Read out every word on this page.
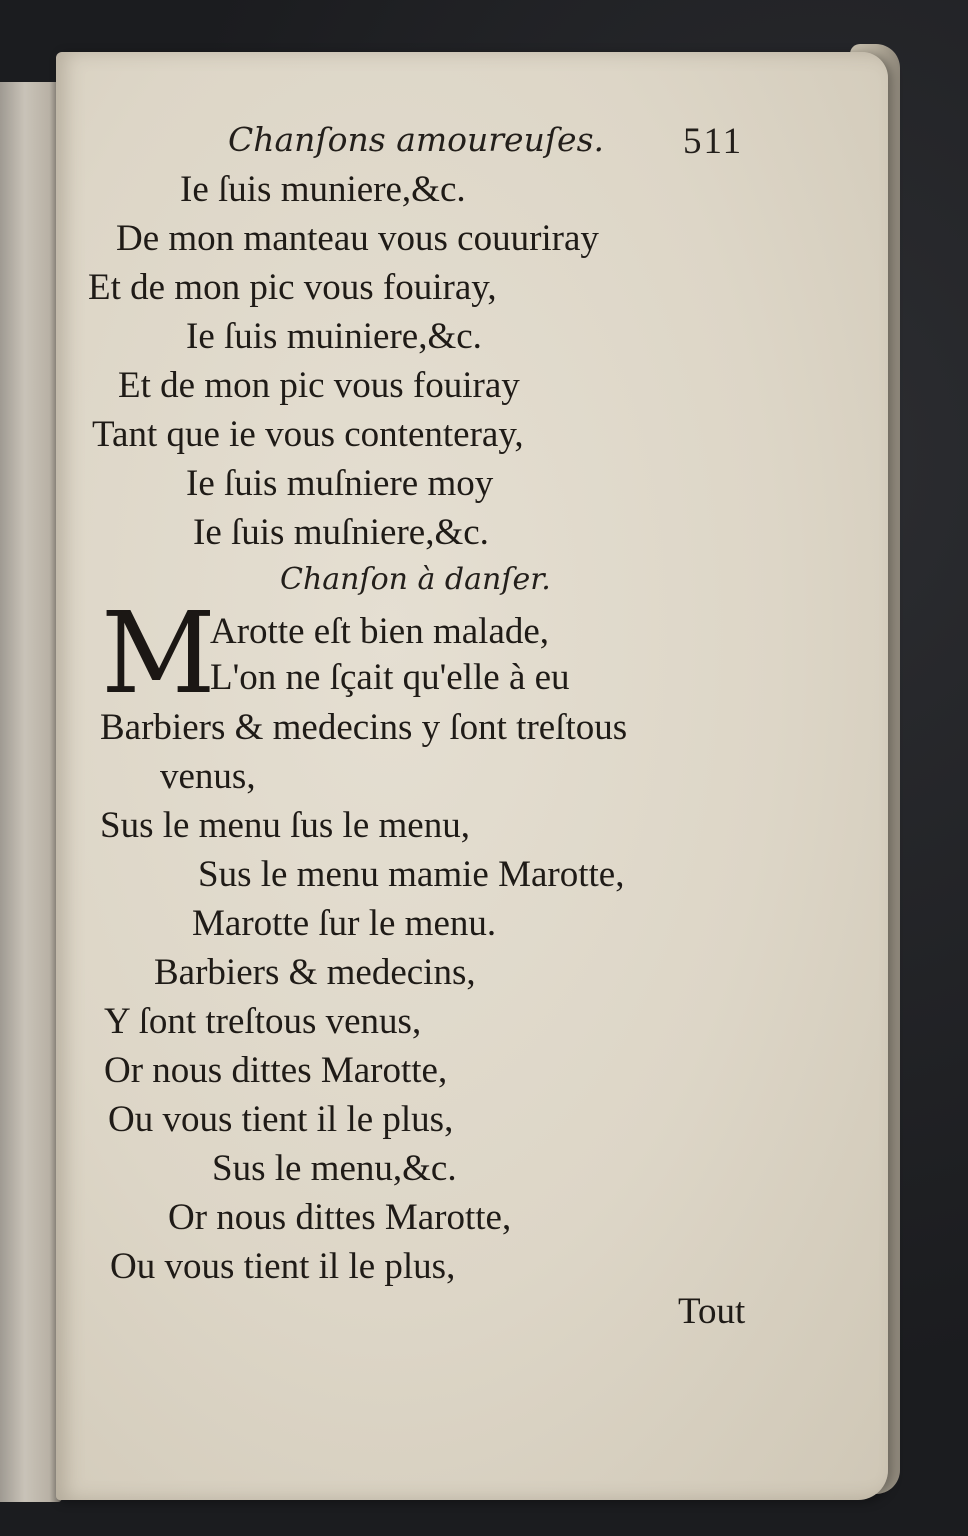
Chanſons amoureuſes. 511
Ie ſuis muniere,&c.
De mon manteau vous couuriray
Et de mon pic vous fouiray,
Ie ſuis muiniere,&c.
Et de mon pic vous fouiray
Tant que ie vous contenteray,
Ie ſuis muſniere moy
Ie ſuis muſniere,&c.
Chanſon à danſer.
M
Arotte eſt bien malade,
L'on ne ſçait qu'elle à eu
Barbiers & medecins y ſont treſtous
venus,
Sus le menu ſus le menu,
Sus le menu mamie Marotte,
Marotte ſur le menu.
Barbiers & medecins,
Y ſont treſtous venus,
Or nous dittes Marotte,
Ou vous tient il le plus,
Sus le menu,&c.
Or nous dittes Marotte,
Ou vous tient il le plus,
Tout
